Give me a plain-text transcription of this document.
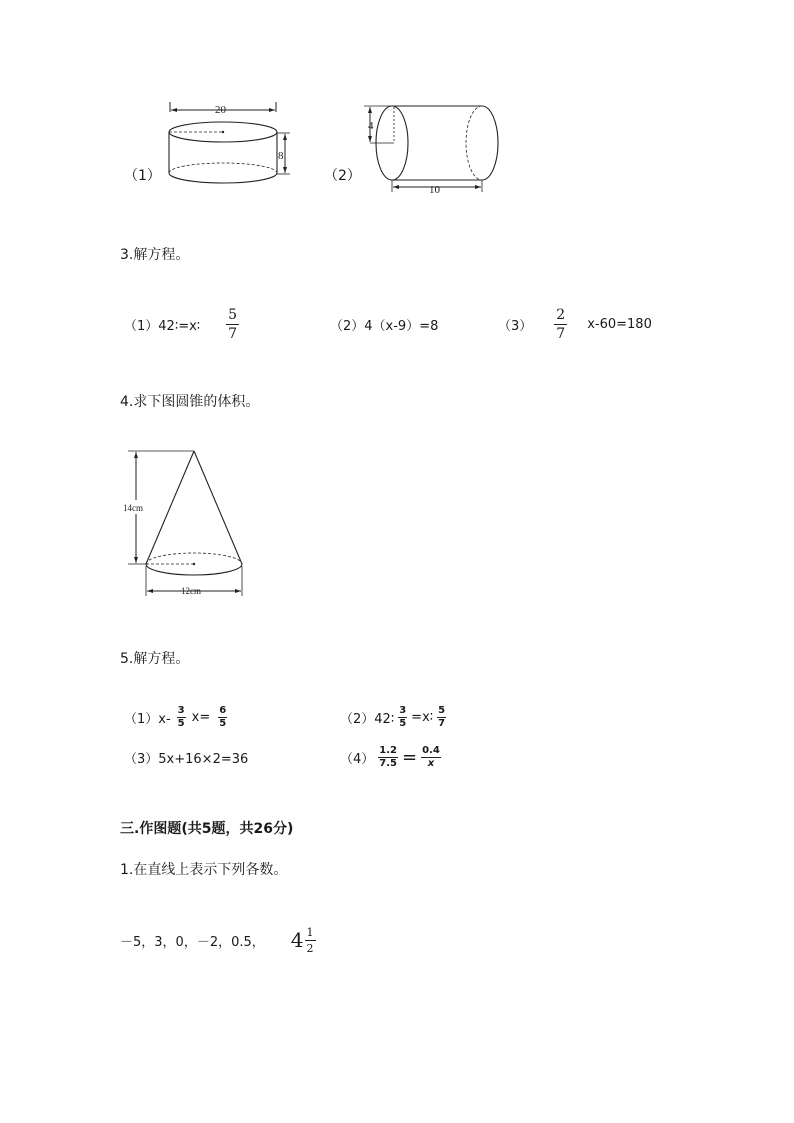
（1）
20
8
（2）
4
10
3.解方程。
（1）42∶=x∶ $\frac{5}{7}$	（2）4（x-9）=8	$(3) \frac{2}{7} x-60=180$
4.求下图圆锥的体积。
14cm
12cm
5.解方程。
$(1)x- \frac{3}{5} x= \frac{6}{5}$	（2）42∶ $\frac{3}{5}$ =x∶ $\frac{5}{7}$
（3）5x+16×2=36	$(4) \frac{1.2}{7.5} = \frac{0.4}{x}$
三.作图题(共5题，共26分)
1.在直线上表示下列各数。
－5，3，0，－2，0.5， $4 \frac{1}{2}$
